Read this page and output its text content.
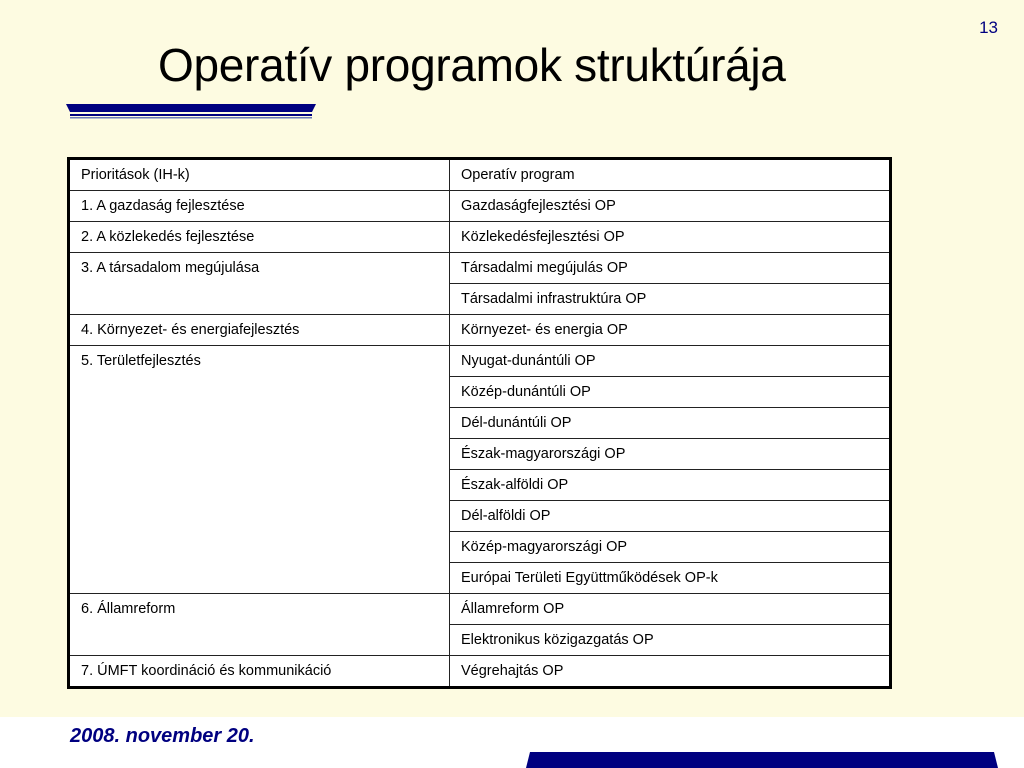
13
Operatív programok struktúrája
Prioritások (IH-k)	Operatív program
1. A gazdaság fejlesztése	Gazdaságfejlesztési OP
2. A közlekedés fejlesztése	Közlekedésfejlesztési OP
3. A társadalom megújulása	Társadalmi megújulás OP
	Társadalmi infrastruktúra OP
4. Környezet- és energiafejlesztés	Környezet- és energia OP
5. Területfejlesztés	Nyugat-dunántúli OP
	Közép-dunántúli OP
	Dél-dunántúli OP
	Észak-magyarországi OP
	Észak-alföldi OP
	Dél-alföldi OP
	Közép-magyarországi OP
	Európai Területi Együttműködések OP-k
6. Államreform	Államreform OP
	Elektronikus közigazgatás OP
7. ÚMFT koordináció és kommunikáció	Végrehajtás OP
2008. november 20.
